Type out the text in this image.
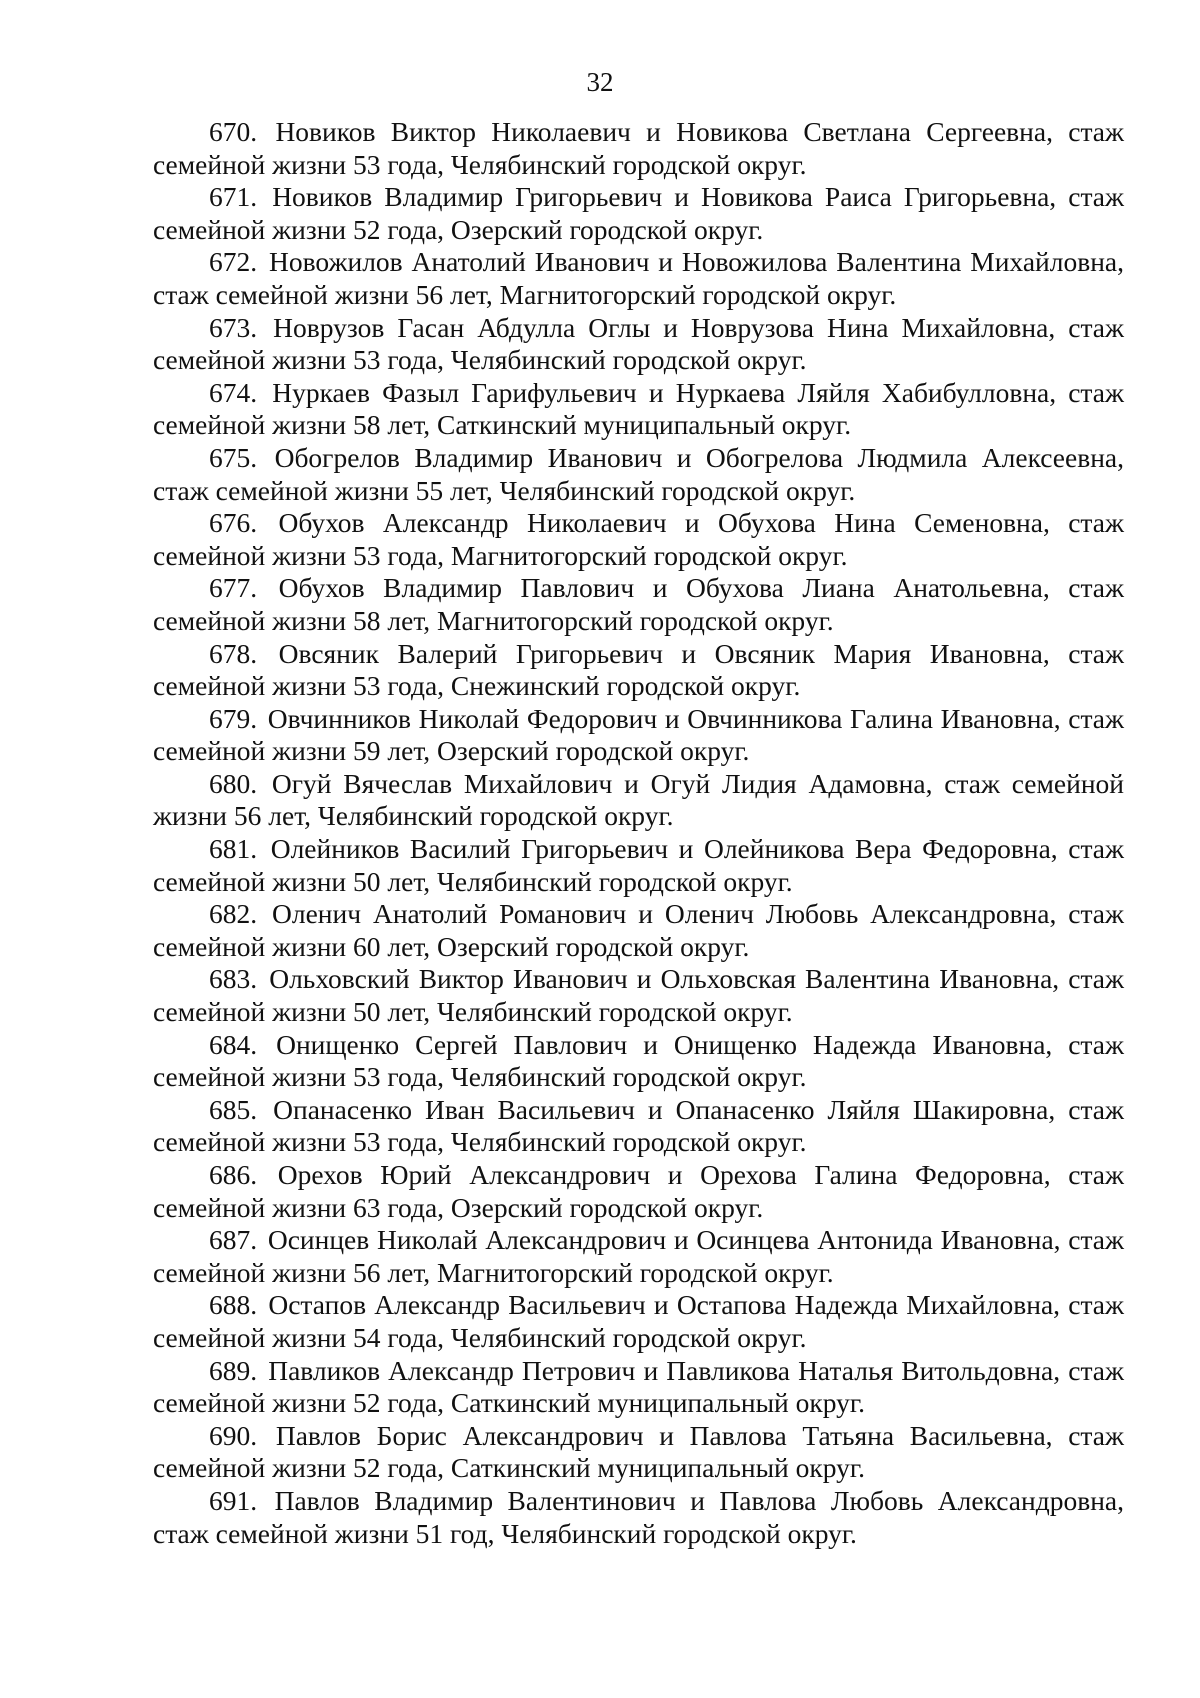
32
670. Новиков Виктор Николаевич и Новикова Светлана Сергеевна, стаж семейной жизни 53 года, Челябинский городской округ.
671. Новиков Владимир Григорьевич и Новикова Раиса Григорьевна, стаж семейной жизни 52 года, Озерский городской округ.
672. Новожилов Анатолий Иванович и Новожилова Валентина Михайловна, стаж семейной жизни 56 лет, Магнитогорский городской округ.
673. Новрузов Гасан Абдулла Оглы и Новрузова Нина Михайловна, стаж семейной жизни 53 года, Челябинский городской округ.
674. Нуркаев Фазыл Гарифульевич и Нуркаева Ляйля Хабибулловна, стаж семейной жизни 58 лет, Саткинский муниципальный округ.
675. Обогрелов Владимир Иванович и Обогрелова Людмила Алексеевна, стаж семейной жизни 55 лет, Челябинский городской округ.
676. Обухов Александр Николаевич и Обухова Нина Семеновна, стаж семейной жизни 53 года, Магнитогорский городской округ.
677. Обухов Владимир Павлович и Обухова Лиана Анатольевна, стаж семейной жизни 58 лет, Магнитогорский городской округ.
678. Овсяник Валерий Григорьевич и Овсяник Мария Ивановна, стаж семейной жизни 53 года, Снежинский городской округ.
679. Овчинников Николай Федорович и Овчинникова Галина Ивановна, стаж семейной жизни 59 лет, Озерский городской округ.
680. Огуй Вячеслав Михайлович и Огуй Лидия Адамовна, стаж семейной жизни 56 лет, Челябинский городской округ.
681. Олейников Василий Григорьевич и Олейникова Вера Федоровна, стаж семейной жизни 50 лет, Челябинский городской округ.
682. Оленич Анатолий Романович и Оленич Любовь Александровна, стаж семейной жизни 60 лет, Озерский городской округ.
683. Ольховский Виктор Иванович и Ольховская Валентина Ивановна, стаж семейной жизни 50 лет, Челябинский городской округ.
684. Онищенко Сергей Павлович и Онищенко Надежда Ивановна, стаж семейной жизни 53 года, Челябинский городской округ.
685. Опанасенко Иван Васильевич и Опанасенко Ляйля Шакировна, стаж семейной жизни 53 года, Челябинский городской округ.
686. Орехов Юрий Александрович и Орехова Галина Федоровна, стаж семейной жизни 63 года, Озерский городской округ.
687. Осинцев Николай Александрович и Осинцева Антонида Ивановна, стаж семейной жизни 56 лет, Магнитогорский городской округ.
688. Остапов Александр Васильевич и Остапова Надежда Михайловна, стаж семейной жизни 54 года, Челябинский городской округ.
689. Павликов Александр Петрович и Павликова Наталья Витольдовна, стаж семейной жизни 52 года, Саткинский муниципальный округ.
690. Павлов Борис Александрович и Павлова Татьяна Васильевна, стаж семейной жизни 52 года, Саткинский муниципальный округ.
691. Павлов Владимир Валентинович и Павлова Любовь Александровна, стаж семейной жизни 51 год, Челябинский городской округ.
